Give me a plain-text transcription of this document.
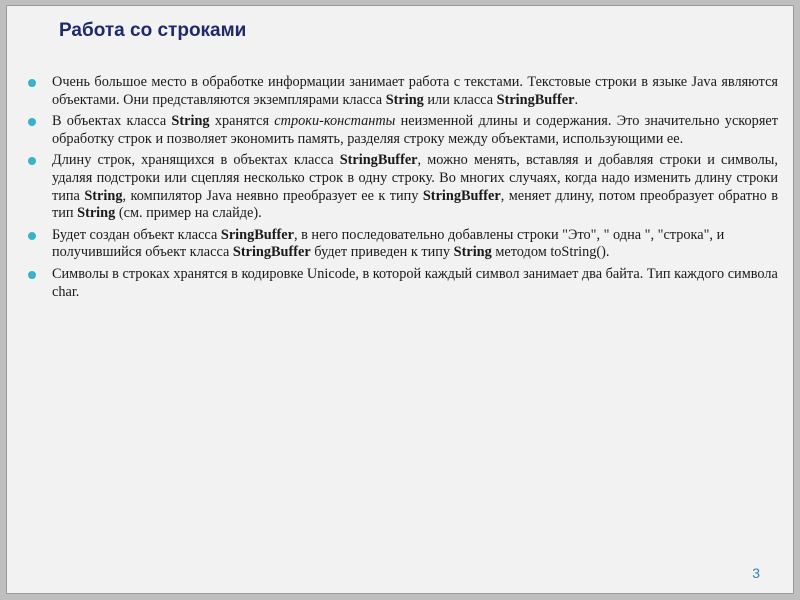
Работа со строками

Очень большое место в обработке информации занимает работа с текстами. Текстовые строки в языке Java являются объектами. Они представляются экземплярами класса String или класса StringBuffer.

В объектах класса String хранятся строки-константы неизменной длины и содержания. Это значительно ускоряет обработку строк и позволяет экономить память, разделяя строку между объектами, использующими ее.

Длину строк, хранящихся в объектах класса StringBuffer, можно менять, вставляя и добавляя строки и символы, удаляя подстроки или сцепляя несколько строк в одну строку. Во многих случаях, когда надо изменить длину строки типа String, компилятор Java неявно преобразует ее к типу StringBuffer, меняет длину, потом преобразует обратно в тип String (см. пример на слайде).

Будет создан объект класса SringBuffer, в него последовательно добавлены строки "Это", " одна ", "строка", и получившийся объект класса StringBuffer будет приведен к типу String методом toString().

Символы в строках хранятся в кодировке Unicode, в которой каждый символ занимает два байта. Тип каждого символа char.

3
